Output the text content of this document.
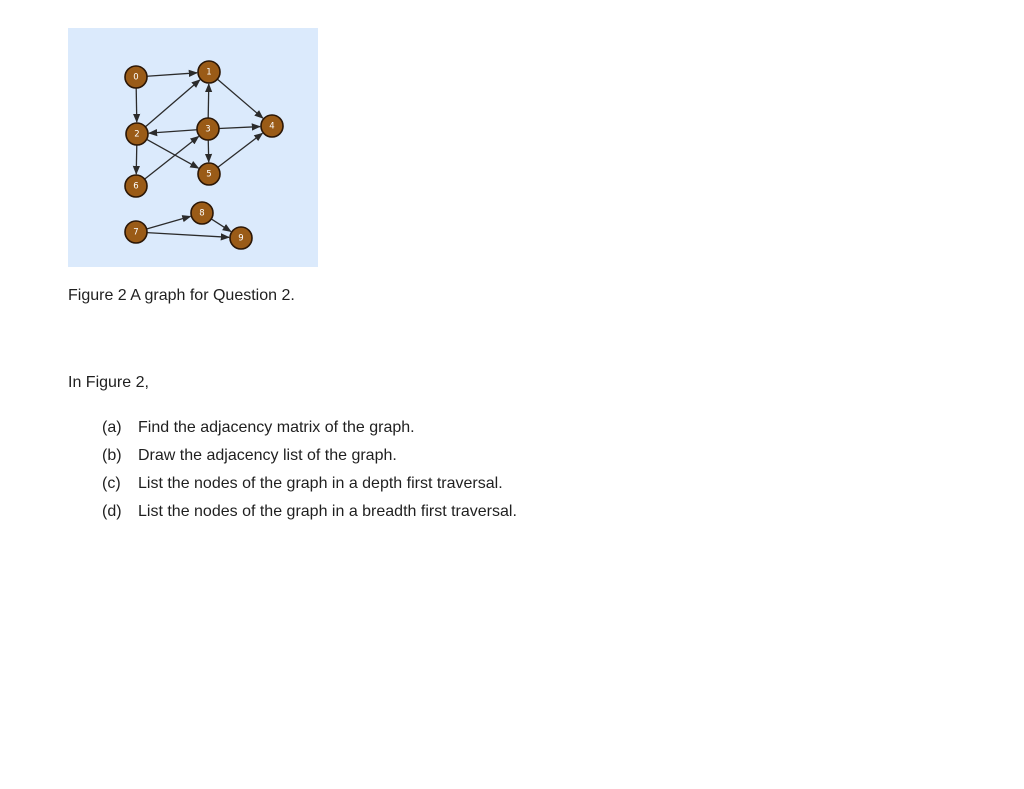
0	1
2	3	4
5
6
7
8
9
Figure 2 A graph for Question 2.
In Figure 2,
(a)	Find the adjacency matrix of the graph.
(b)	Draw the adjacency list of the graph.
(c)	List the nodes of the graph in a depth first traversal.
(d)	List the nodes of the graph in a breadth first traversal.
